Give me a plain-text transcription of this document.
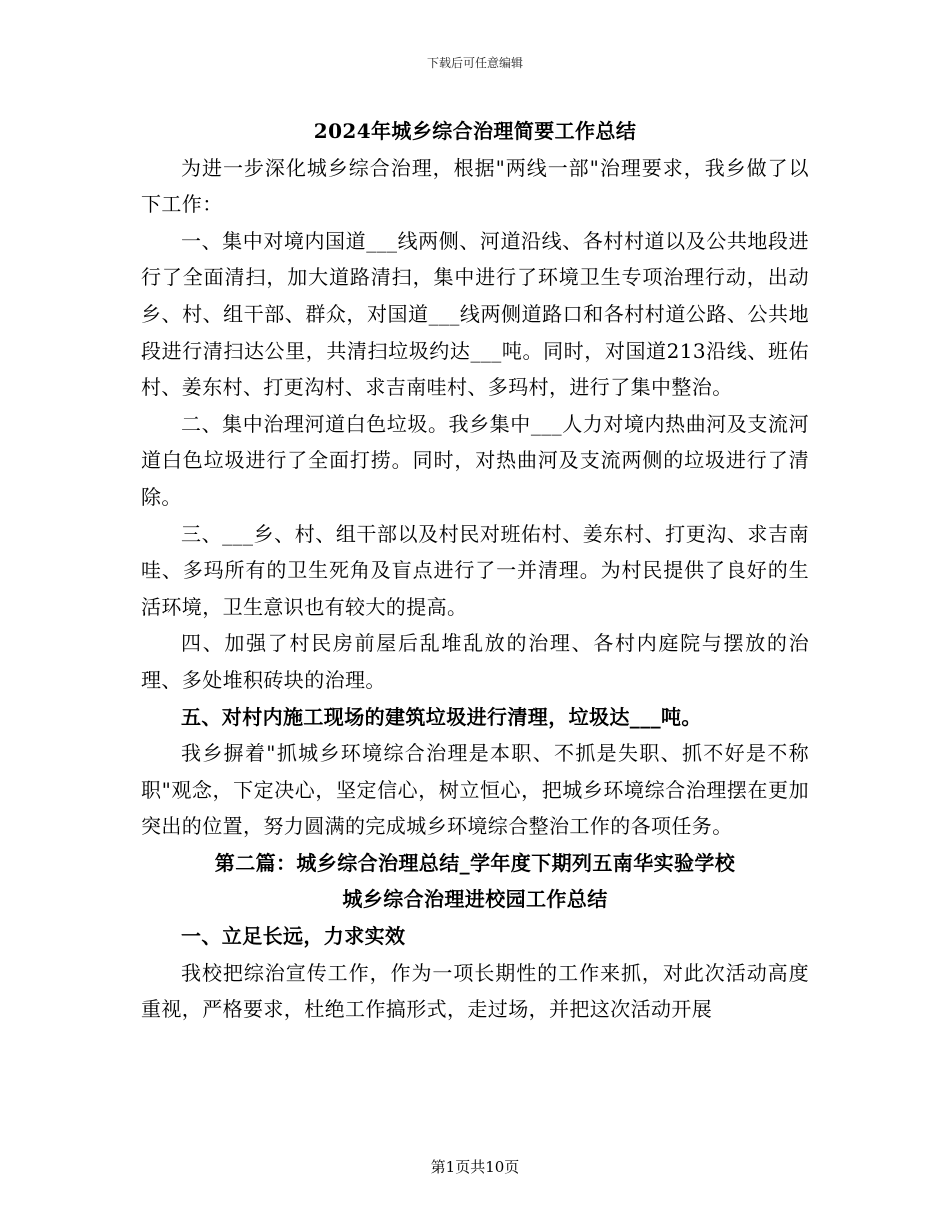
下载后可任意编辑

2024年城乡综合治理简要工作总结

为进一步深化城乡综合治理，根据"两线一部"治理要求，我乡做了以下工作：

一、集中对境内国道___线两侧、河道沿线、各村村道以及公共地段进行了全面清扫，加大道路清扫，集中进行了环境卫生专项治理行动，出动乡、村、组干部、群众，对国道___线两侧道路口和各村村道公路、公共地段进行清扫达公里，共清扫垃圾约达___吨。同时，对国道213沿线、班佑村、姜东村、打更沟村、求吉南哇村、多玛村，进行了集中整治。

二、集中治理河道白色垃圾。我乡集中___人力对境内热曲河及支流河道白色垃圾进行了全面打捞。同时，对热曲河及支流两侧的垃圾进行了清除。

三、___乡、村、组干部以及村民对班佑村、姜东村、打更沟、求吉南哇、多玛所有的卫生死角及盲点进行了一并清理。为村民提供了良好的生活环境，卫生意识也有较大的提高。

四、加强了村民房前屋后乱堆乱放的治理、各村内庭院与摆放的治理、多处堆积砖块的治理。

五、对村内施工现场的建筑垃圾进行清理，垃圾达___吨。

我乡摒着"抓城乡环境综合治理是本职、不抓是失职、抓不好是不称职"观念，下定决心，坚定信心，树立恒心，把城乡环境综合治理摆在更加突出的位置，努力圆满的完成城乡环境综合整治工作的各项任务。

第二篇：城乡综合治理总结_学年度下期列五南华实验学校

城乡综合治理进校园工作总结

一、立足长远，力求实效

我校把综治宣传工作，作为一项长期性的工作来抓，对此次活动高度重视，严格要求，杜绝工作搞形式，走过场，并把这次活动开展

第1页共10页
